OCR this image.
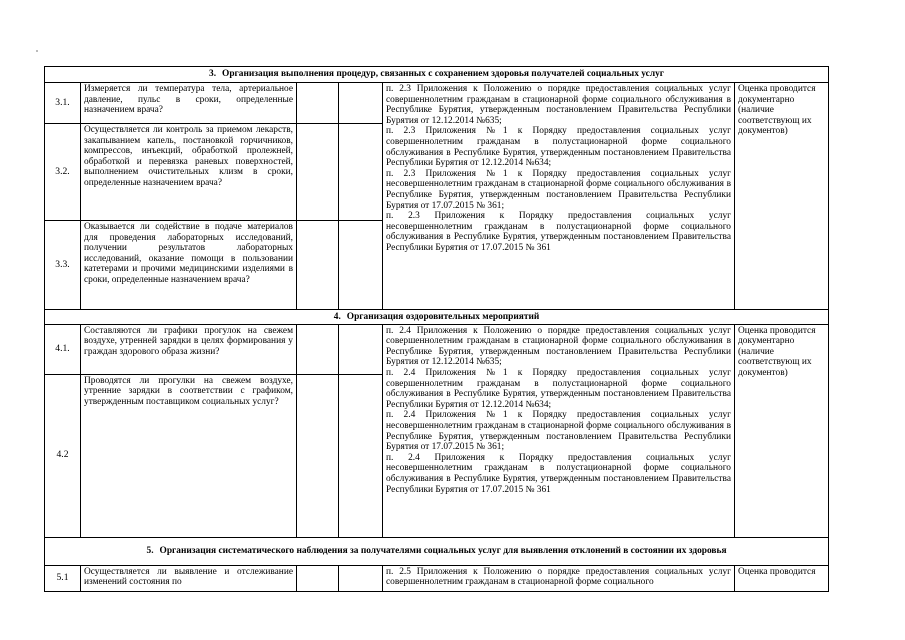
3. Организация выполнения процедур, связанных с сохранением здоровья получателей социальных услуг					
3.1.	Измеряется ли температура тела, артериальное давление, пульс в сроки, определенные назначением врача?			п. 2.3 Приложения к Положению о порядке предоставления социальных услуг совершеннолетним гражданам в стационарной форме социального обслуживания в Республике Бурятия, утвержденным постановлением Правительства Республики Бурятия от 12.12.2014 №635;

п. 2.3 Приложения №1 к Порядку предоставления социальных услуг совершеннолетним гражданам в полустационарной форме социального обслуживания в Республике Бурятия, утвержденным постановлением Правительства Республики Бурятия от 12.12.2014 №634;

п. 2.3 Приложения №1 к Порядку предоставления социальных услуг несовершеннолетним гражданам в стационарной форме социального обслуживания в Республике Бурятия, утвержденным постановлением Правительства Республики Бурятия от 17.07.2015 № 361;

п. 2.3 Приложения к Порядку предоставления социальных услуг несовершеннолетним гражданам в полустационарной форме социального обслуживания в Республике Бурятия, утвержденным постановлением Правительства Республики Бурятия от 17.07.2015 № 361	Оценка проводится документарно (наличие соответствующ их документов)
3.2.	Осуществляется ли контроль за приемом лекарств, закапыванием капель, постановкой горчичников, компрессов, инъекций, обработкой пролежней, обработкой и перевязка раневых поверхностей, выполнением очистительных клизм в сроки, определенные назначением врача?				
3.3.	Оказывается ли содействие в подаче материалов для проведения лабораторных исследований, получении результатов лабораторных исследований, оказание помощи в пользовании катетерами и прочими медицинскими изделиями в сроки, определенные назначением врача?				
4. Организация оздоровительных мероприятий					
4.1.	Составляются ли графики прогулок на свежем воздухе, утренней зарядки в целях формирования у граждан здорового образа жизни?			п. 2.4 Приложения к Положению о порядке предоставления социальных услуг совершеннолетним гражданам в стационарной форме социального обслуживания в Республике Бурятия, утвержденным постановлением Правительства Республики Бурятия от 12.12.2014 №635;

п. 2.4 Приложения №1 к Порядку предоставления социальных услуг совершеннолетним гражданам в полустационарной форме социального обслуживания в Республике Бурятия, утвержденным постановлением Правительства Республики Бурятия от 12.12.2014 №634;

п. 2.4 Приложения №1 к Порядку предоставления социальных услуг несовершеннолетним гражданам в стационарной форме социального обслуживания в Республике Бурятия, утвержденным постановлением Правительства Республики Бурятия от 17.07.2015 № 361;

п. 2.4 Приложения к Порядку предоставления социальных услуг несовершеннолетним гражданам в полустационарной форме социального обслуживания в Республике Бурятия, утвержденным постановлением Правительства Республики Бурятия от 17.07.2015 № 361	Оценка проводится документарно (наличие соответствующ их документов)
4.2	Проводятся ли прогулки на свежем воздухе, утренние зарядки в соответствии с графиком, утвержденным поставщиком социальных услуг?				
5. Организация систематического наблюдения за получателями социальных услуг для выявления отклонений в состоянии их здоровья					
5.1	Осуществляется ли выявление и отслеживание изменений состояния по			п. 2.5 Приложения к Положению о порядке предоставления социальных услуг совершеннолетним гражданам в стационарной форме социального	Оценка проводится
